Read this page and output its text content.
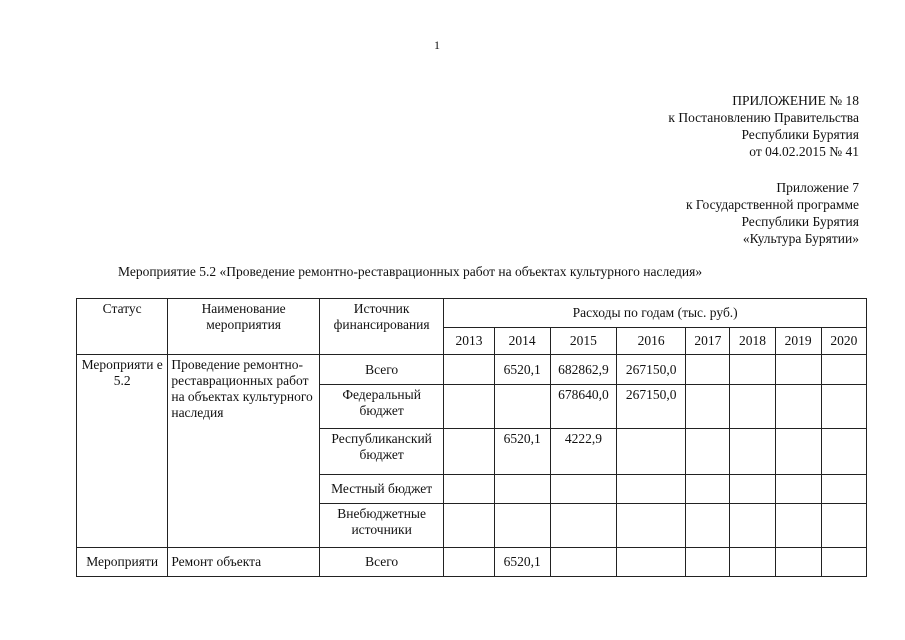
1
ПРИЛОЖЕНИЕ № 18
к Постановлению Правительства
Республики Бурятия
от 04.02.2015 № 41
Приложение 7
к Государственной программе
Республики Бурятия
«Культура Бурятии»
Мероприятие 5.2 «Проведение ремонтно-реставрационных работ на объектах культурного наследия»
Статус	Наименование мероприятия	Источник финансирования	Расходы по годам (тыс. руб.)							
			2013	2014	2015	2016	2017	2018	2019	2020
Мероприяти е 5.2	Проведение ремонтно-реставрационных работ на объектах культурного наследия	Всего		6520,1	682862,9	267150,0				
		Федеральный бюджет			678640,0	267150,0				
		Республиканский бюджет		6520,1	4222,9					
		Местный бюджет								
		Внебюджетные источники								
Мероприяти	Ремонт объекта	Всего		6520,1						
